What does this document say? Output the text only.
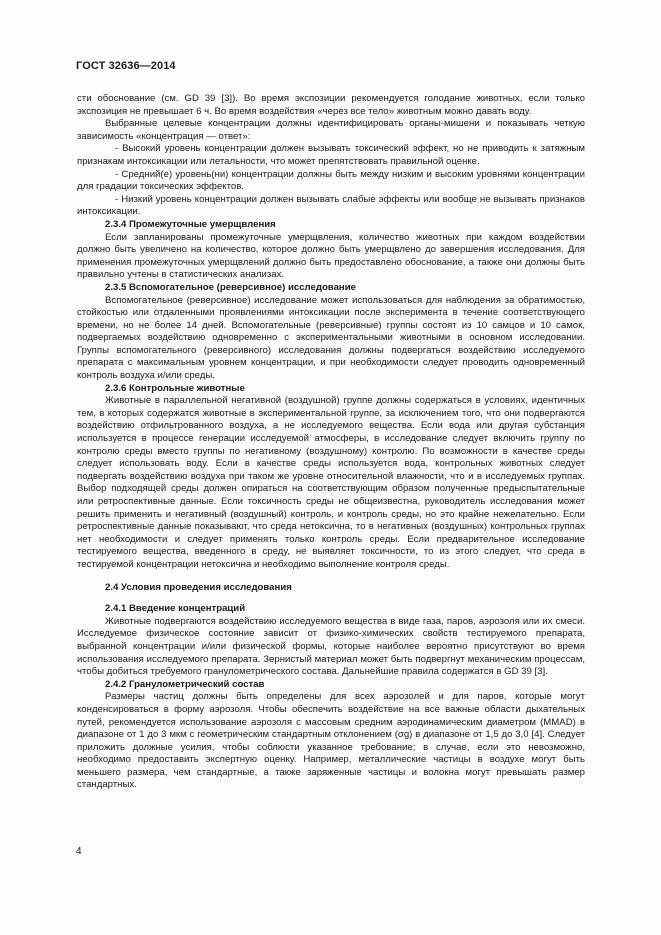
ГОСТ 32636—2014

сти обоснование (см. GD 39 [3]). Во время экспозиции рекомендуется голодание животных, если только экспозиция не превышает 6 ч. Во время воздействия «через все тело» животным можно давать воду.

Выбранные целевые концентрации должны идентифицировать органы-мишени и показывать четкую зависимость «концентрация — ответ»:

- Высокий уровень концентрации должен вызывать токсический эффект, но не приводить к затяжным признакам интоксикации или летальности, что может препятствовать правильной оценке.

- Средний(е) уровень(ни) концентрации должны быть между низким и высоким уровнями концентрации для градации токсических эффектов.

- Низкий уровень концентрации должен вызывать слабые эффекты или вообще не вызывать признаков интоксикации.

2.3.4 Промежуточные умерщвления

Если запланированы промежуточные умерщвления, количество животных при каждом воздействии должно быть увеличено на количество, которое должно быть умерщвлено до завершения исследования. Для применения промежуточных умерщвлений должно быть предоставлено обоснование, а также они должны быть правильно учтены в статистических анализах.

2.3.5 Вспомогательное (реверсивное) исследование

Вспомогательное (реверсивное) исследование может использоваться для наблюдения за обратимостью, стойкостью или отдаленными проявлениями интоксикации после эксперимента в течение соответствующего времени, но не более 14 дней. Вспомогательные (реверсивные) группы состоят из 10 самцов и 10 самок, подвергаемых воздействию одновременно с экспериментальными животными в основном исследовании. Группы вспомогательного (реверсивного) исследования должны подвергаться воздействию исследуемого препарата с максимальным уровнем концентрации, и при необходимости следует проводить одновременный контроль воздуха и/или среды.

2.3.6 Контрольные животные

Животные в параллельной негативной (воздушной) группе должны содержаться в условиях, идентичных тем, в которых содержатся животные в экспериментальной группе, за исключением того, что они подвергаются воздействию отфильтрованного воздуха, а не исследуемого вещества. Если вода или другая субстанция используется в процессе генерации исследуемой атмосферы, в исследование следует включить группу по контролю среды вместо группы по негативному (воздушному) контролю. По возможности в качестве среды следует использовать воду. Если в качестве среды используется вода, контрольных животных следует подвергать воздействию воздуха при таком же уровне относительной влажности, что и в исследуемых группах. Выбор подходящей среды должен опираться на соответствующим образом полученные предыспытательные или ретроспективные данные. Если токсичность среды не общеизвестна, руководитель исследования может решить применить и негативный (воздушный) контроль, и контроль среды, но это крайне нежелательно. Если ретроспективные данные показывают, что среда нетоксична, то в негативных (воздушных) контрольных группах нет необходимости и следует применять только контроль среды. Если предварительное исследование тестируемого вещества, введенного в среду, не выявляет токсичности, то из этого следует, что среда в тестируемой концентрации нетоксична и необходимо выполнение контроля среды.

2.4 Условия проведения исследования

2.4.1 Введение концентраций

Животные подвергаются воздействию исследуемого вещества в виде газа, паров, аэрозоля или их смеси. Исследуемое физическое состояние зависит от физико-химических свойств тестируемого препарата, выбранной концентрации и/или физической формы, которые наиболее вероятно присутствуют во время использования исследуемого препарата. Зернистый материал может быть подвергнут механическим процессам, чтобы добиться требуемого гранулометрического состава. Дальнейшие правила содержатся в GD 39 [3].

2.4.2 Гранулометрический состав

Размеры частиц должны быть определены для всех аэрозолей и для паров, которые могут конденсироваться в форму аэрозоля. Чтобы обеспечить воздействие на все важные области дыхательных путей, рекомендуется использование аэрозоля с массовым средним аэродинамическим диаметром (MMAD) в диапазоне от 1 до 3 мкм с геометрическим стандартным отклонением (σg) в диапазоне от 1,5 до 3,0 [4]. Следует приложить должные усилия, чтобы соблюсти указанное требование; в случае, если это невозможно, необходимо предоставить экспертную оценку. Например, металлические частицы в воздухе могут быть меньшего размера, чем стандартные, а также заряженные частицы и волокна могут превышать размер стандартных.

4
